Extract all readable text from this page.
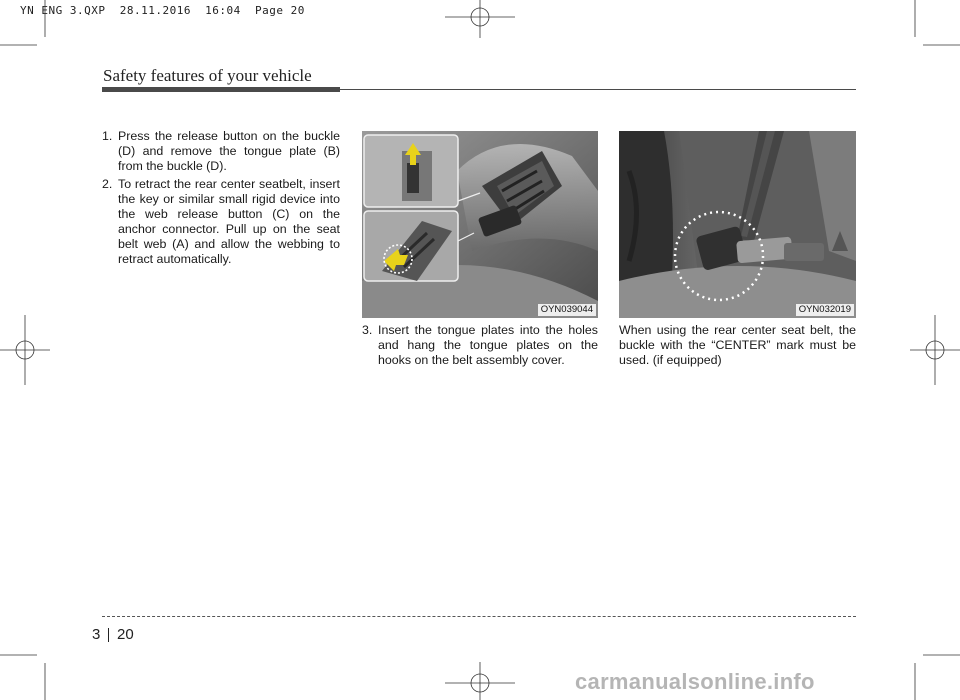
YN ENG 3.QXP  28.11.2016  16:04  Page 20
Safety features of your vehicle
1. Press the release button on the buckle (D) and remove the tongue plate (B) from the buckle (D).
2. To retract the rear center seatbelt, insert the key or similar small rigid device into the web release button (C) on the anchor connector. Pull up on the seat belt web (A) and allow the webbing to retract automatically.
OYN039044	OYN032019
3. Insert the tongue plates into the holes and hang the tongue plates on the hooks on the belt assembly cover.
When using the rear center seat belt, the buckle with the “CENTER” mark must be used. (if equipped)
3 20
carmanualsonline.info
